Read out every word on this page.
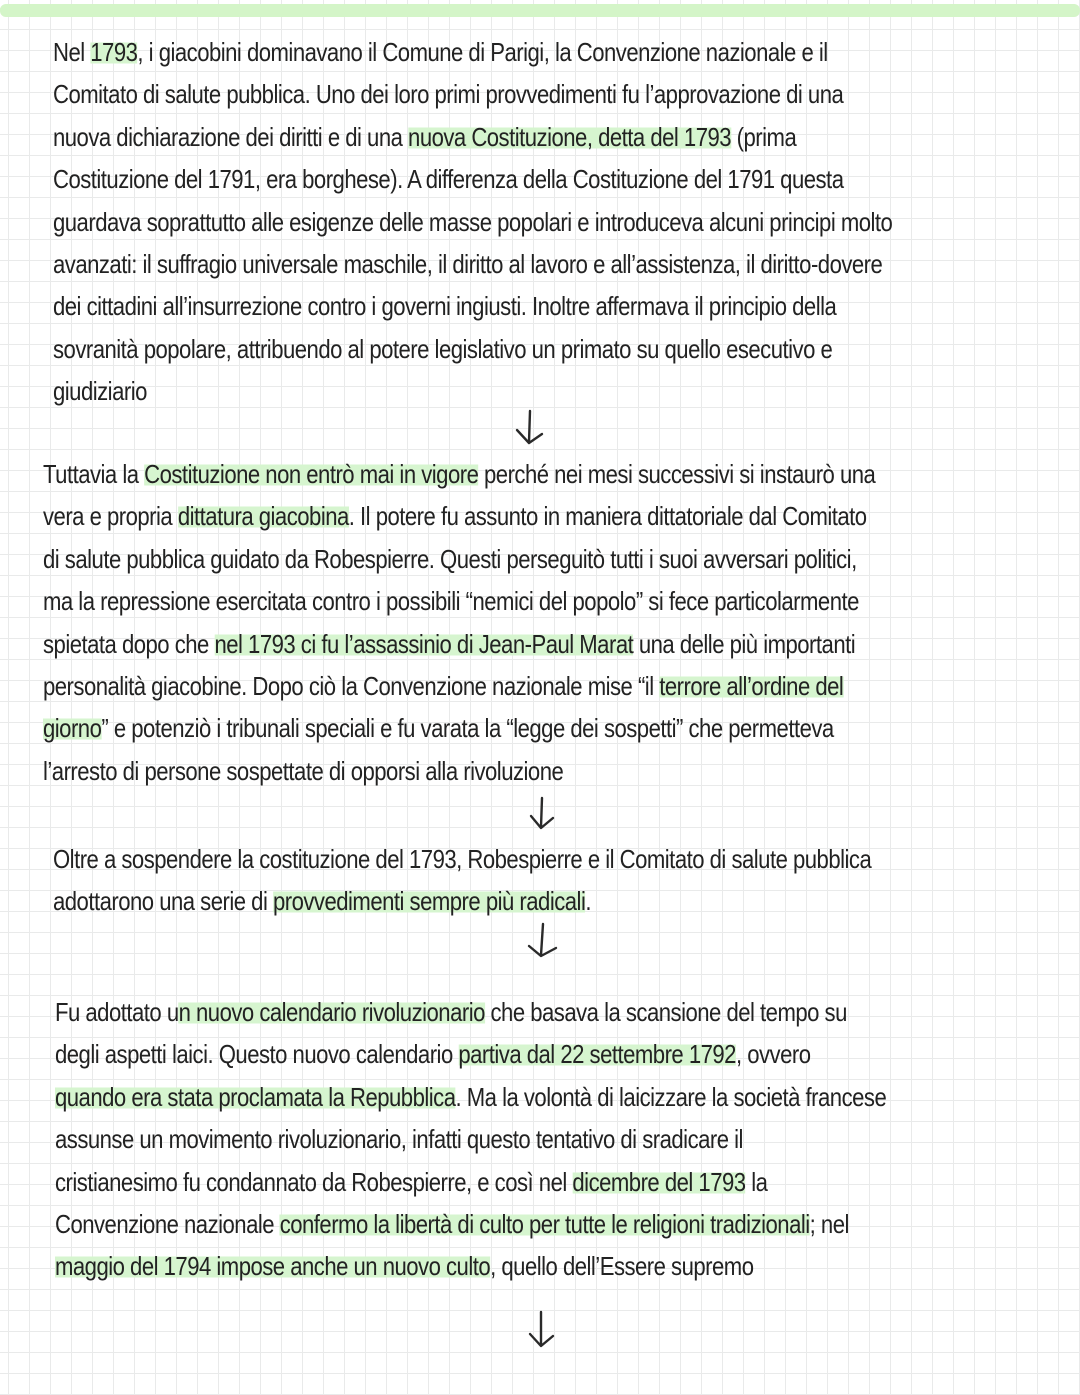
Nel 1793, i giacobini dominavano il Comune di Parigi, la Convenzione nazionale e il
Comitato di salute pubblica. Uno dei loro primi provvedimenti fu l’approvazione di una
nuova dichiarazione dei diritti e di una nuova Costituzione, detta del 1793 (prima
Costituzione del 1791, era borghese). A differenza della Costituzione del 1791 questa
guardava soprattutto alle esigenze delle masse popolari e introduceva alcuni principi molto
avanzati: il suffragio universale maschile, il diritto al lavoro e all’assistenza, il diritto-dovere
dei cittadini all’insurrezione contro i governi ingiusti. Inoltre affermava il principio della
sovranità popolare, attribuendo al potere legislativo un primato su quello esecutivo e
giudiziario
Tuttavia la Costituzione non entrò mai in vigore perché nei mesi successivi si instaurò una
vera e propria dittatura giacobina. Il potere fu assunto in maniera dittatoriale dal Comitato
di salute pubblica guidato da Robespierre. Questi perseguitò tutti i suoi avversari politici,
ma la repressione esercitata contro i possibili “nemici del popolo” si fece particolarmente
spietata dopo che nel 1793 ci fu l’assassinio di Jean-Paul Marat una delle più importanti
personalità giacobine. Dopo ciò la Convenzione nazionale mise “il terrore all’ordine del
giorno” e potenziò i tribunali speciali e fu varata la “legge dei sospetti” che permetteva
l’arresto di persone sospettate di opporsi alla rivoluzione
Oltre a sospendere la costituzione del 1793, Robespierre e il Comitato di salute pubblica
adottarono una serie di provvedimenti sempre più radicali.
Fu adottato un nuovo calendario rivoluzionario che basava la scansione del tempo su
degli aspetti laici. Questo nuovo calendario partiva dal 22 settembre 1792, ovvero
quando era stata proclamata la Repubblica. Ma la volontà di laicizzare la società francese
assunse un movimento rivoluzionario, infatti questo tentativo di sradicare il
cristianesimo fu condannato da Robespierre, e così nel dicembre del 1793 la
Convenzione nazionale confermo la libertà di culto per tutte le religioni tradizionali; nel
maggio del 1794 impose anche un nuovo culto, quello dell’Essere supremo
